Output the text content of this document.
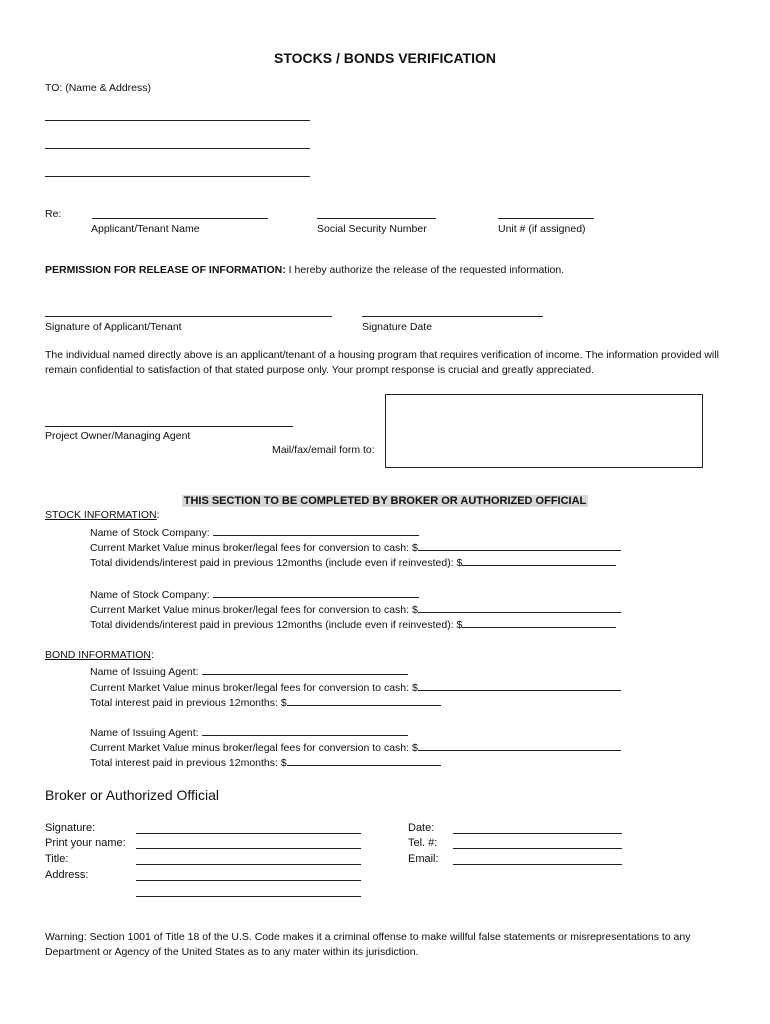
STOCKS / BONDS VERIFICATION
TO: (Name & Address)
Re:
Applicant/Tenant Name	Social Security Number	Unit # (if assigned)
PERMISSION FOR RELEASE OF INFORMATION: I hereby authorize the release of the requested information.
Signature of Applicant/Tenant	Signature Date
The individual named directly above is an applicant/tenant of a housing program that requires verification of income. The information provided will
remain confidential to satisfaction of that stated purpose only. Your prompt response is crucial and greatly appreciated.
Project Owner/Managing Agent
Mail/fax/email form to:
THIS SECTION TO BE COMPLETED BY BROKER OR AUTHORIZED OFFICIAL
STOCK INFORMATION:
Name of Stock Company:
Current Market Value minus broker/legal fees for conversion to cash: $
Total dividends/interest paid in previous 12months (include even if reinvested): $
Name of Stock Company:
Current Market Value minus broker/legal fees for conversion to cash: $
Total dividends/interest paid in previous 12months (include even if reinvested): $
BOND INFORMATION:
Name of Issuing Agent:
Current Market Value minus broker/legal fees for conversion to cash: $
Total interest paid in previous 12months: $
Name of Issuing Agent:
Current Market Value minus broker/legal fees for conversion to cash: $
Total interest paid in previous 12months: $
Broker or Authorized Official
Signature:
Print your name:
Title:
Address:
Date:
Tel. #:
Email:
Warning: Section 1001 of Title 18 of the U.S. Code makes it a criminal offense to make willful false statements or misrepresentations to any
Department or Agency of the United States as to any mater within its jurisdiction.
